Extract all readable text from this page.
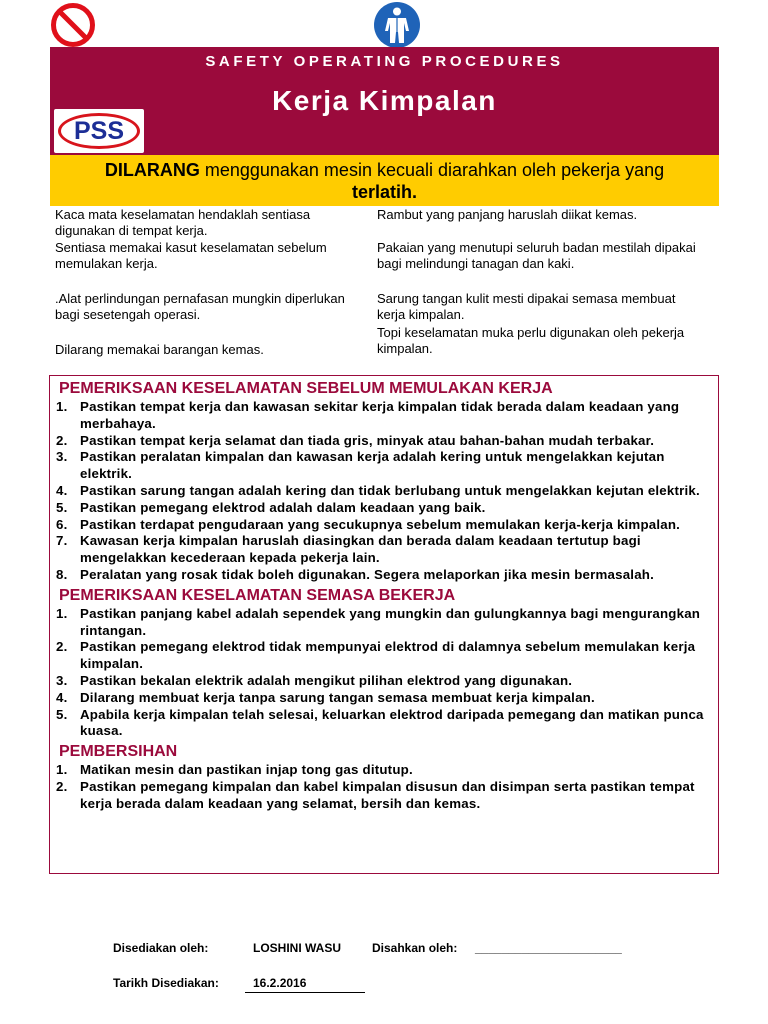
SAFETY OPERATING PROCEDURES
Kerja Kimpalan
PSS
DILARANG menggunakan mesin kecuali diarahkan oleh pekerja yang
terlatih.

Kaca mata keselamatan hendaklah sentiasa digunakan di tempat kerja.

Sentiasa memakai kasut keselamatan sebelum memulakan kerja.

.Alat perlindungan pernafasan mungkin diperlukan bagi sesetengah operasi.

Dilarang memakai barangan kemas.

Rambut yang panjang haruslah diikat kemas.

Pakaian yang menutupi seluruh badan mestilah dipakai bagi melindungi tanagan dan kaki.

Sarung tangan kulit mesti dipakai semasa membuat kerja kimpalan.

Topi keselamatan muka perlu digunakan oleh pekerja kimpalan.

PEMERIKSAAN KESELAMATAN SEBELUM MEMULAKAN KERJA
1. Pastikan tempat kerja dan kawasan sekitar kerja kimpalan tidak berada dalam keadaan yang merbahaya.
2. Pastikan tempat kerja selamat dan tiada gris, minyak atau bahan-bahan mudah terbakar.
3. Pastikan peralatan kimpalan dan kawasan kerja adalah kering untuk mengelakkan kejutan elektrik.
4. Pastikan sarung tangan adalah kering dan tidak berlubang untuk mengelakkan kejutan elektrik.
5. Pastikan pemegang elektrod adalah dalam keadaan yang baik.
6. Pastikan terdapat pengudaraan yang secukupnya sebelum memulakan kerja-kerja kimpalan.
7. Kawasan kerja kimpalan haruslah diasingkan dan berada dalam keadaan tertutup bagi mengelakkan kecederaan kepada pekerja lain.
8. Peralatan yang rosak tidak boleh digunakan. Segera melaporkan jika mesin bermasalah.
PEMERIKSAAN KESELAMATAN SEMASA BEKERJA
1. Pastikan panjang kabel adalah sependek yang mungkin dan gulungkannya bagi mengurangkan rintangan.
2. Pastikan pemegang elektrod tidak mempunyai elektrod di dalamnya sebelum memulakan kerja kimpalan.
3. Pastikan bekalan elektrik adalah mengikut pilihan elektrod yang digunakan.
4. Dilarang membuat kerja tanpa sarung tangan semasa membuat kerja kimpalan.
5. Apabila kerja kimpalan telah selesai, keluarkan elektrod daripada pemegang dan matikan punca kuasa.
PEMBERSIHAN
1. Matikan mesin dan pastikan injap tong gas ditutup.
2. Pastikan pemegang kimpalan dan kabel kimpalan disusun dan disimpan serta pastikan tempat kerja berada dalam keadaan yang selamat, bersih dan kemas.
Disediakan oleh:	LOSHINI WASU	Disahkan oleh: ______________________
Tarikh Disediakan:	16.2.2016
